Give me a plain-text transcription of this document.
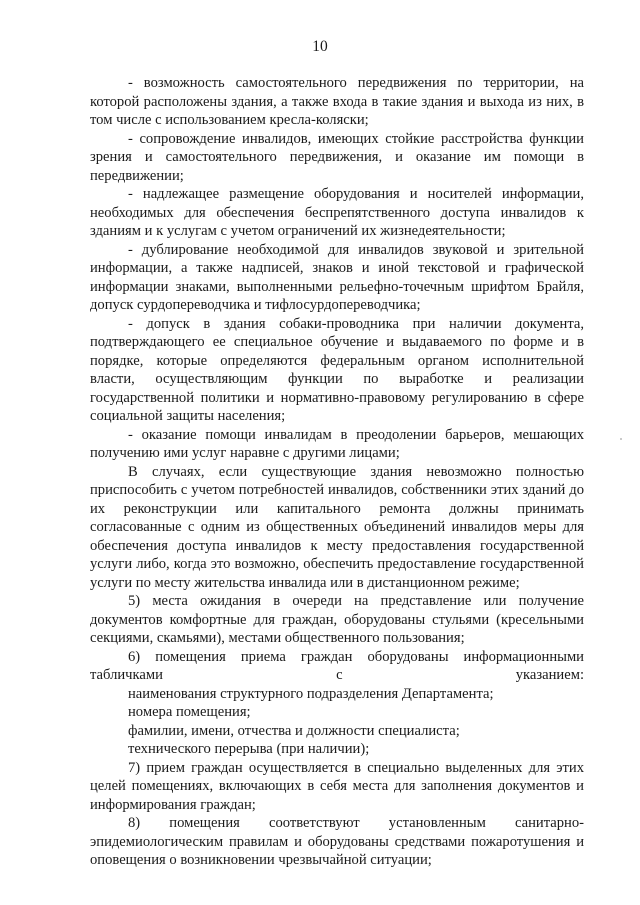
10

- возможность самостоятельного передвижения по территории, на которой расположены здания, а также входа в такие здания и выхода из них, в том числе с использованием кресла-коляски;

- сопровождение инвалидов, имеющих стойкие расстройства функции зрения и самостоятельного передвижения, и оказание им помощи в передвижении;

- надлежащее размещение оборудования и носителей информации, необходимых для обеспечения беспрепятственного доступа инвалидов к зданиям и к услугам с учетом ограничений их жизнедеятельности;

- дублирование необходимой для инвалидов звуковой и зрительной информации, а также надписей, знаков и иной текстовой и графической информации знаками, выполненными рельефно-точечным шрифтом Брайля, допуск сурдопереводчика и тифлосурдопереводчика;

- допуск в здания собаки-проводника при наличии документа, подтверждающего ее специальное обучение и выдаваемого по форме и в порядке, которые определяются федеральным органом исполнительной власти, осуществляющим функции по выработке и реализации государственной политики и нормативно-правовому регулированию в сфере социальной защиты населения;

- оказание помощи инвалидам в преодолении барьеров, мешающих получению ими услуг наравне с другими лицами;

В случаях, если существующие здания невозможно полностью приспособить с учетом потребностей инвалидов, собственники этих зданий до их реконструкции или капитального ремонта должны принимать согласованные с одним из общественных объединений инвалидов меры для обеспечения доступа инвалидов к месту предоставления государственной услуги либо, когда это возможно, обеспечить предоставление государственной услуги по месту жительства инвалида или в дистанционном режиме;

5) места ожидания в очереди на представление или получение документов комфортные для граждан, оборудованы стульями (кресельными секциями, скамьями), местами общественного пользования;

6) помещения приема граждан оборудованы информационными табличками с указанием:

наименования структурного подразделения Департамента;

номера помещения;

фамилии, имени, отчества и должности специалиста;

технического перерыва (при наличии);

7) прием граждан осуществляется в специально выделенных для этих целей помещениях, включающих в себя места для заполнения документов и информирования граждан;

8) помещения соответствуют установленным санитарно-эпидемиологическим правилам и оборудованы средствами пожаротушения и оповещения о возникновении чрезвычайной ситуации;
